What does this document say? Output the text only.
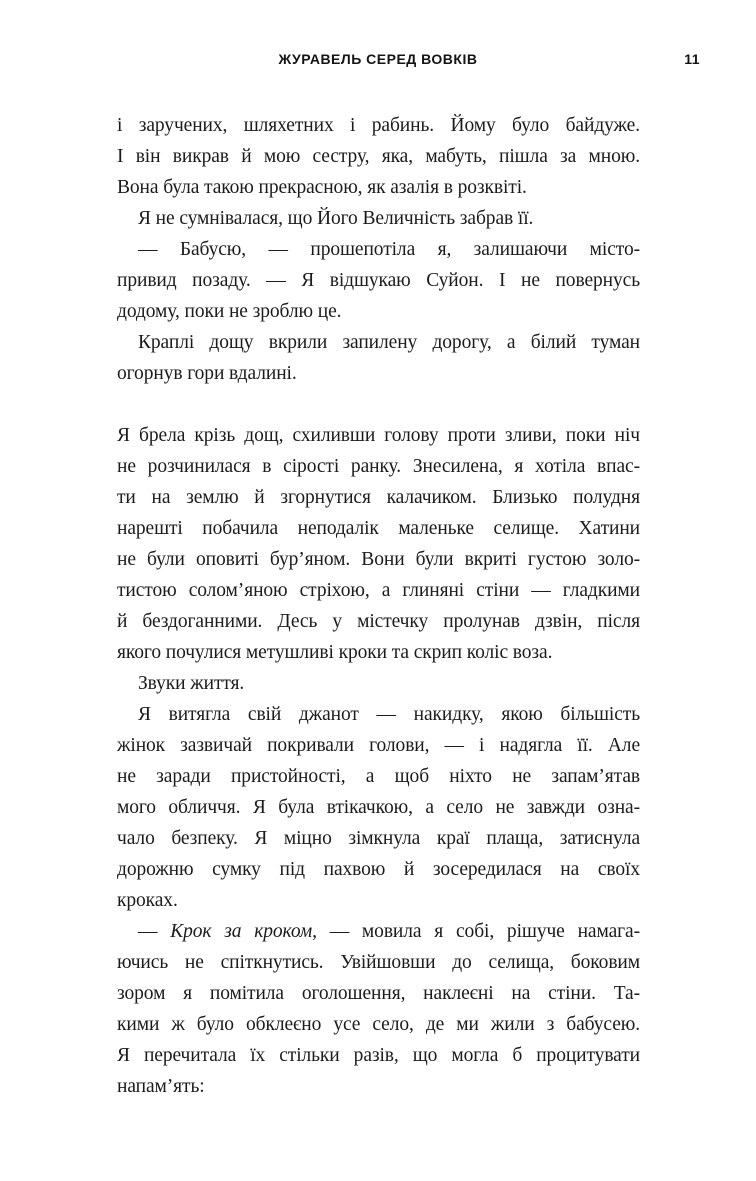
ЖУРАВЕЛЬ СЕРЕД ВОВКІВ	11
і заручених, шляхетних і рабинь. Йому було байдуже.
І він викрав й мою сестру, яка, мабуть, пішла за мною.
Вона була такою прекрасною, як азалія в розквіті.
Я не сумнівалася, що Його Величність забрав її.
— Бабусю, — прошепотіла я, залишаючи місто-
привид позаду. — Я відшукаю Суйон. І не повернусь
додому, поки не зроблю це.
Краплі дощу вкрили запилену дорогу, а білий туман
огорнув гори вдалині.
Я брела крізь дощ, схиливши голову проти зливи, поки ніч
не розчинилася в сірості ранку. Знесилена, я хотіла впас-
ти на землю й згорнутися калачиком. Близько полудня
нарешті побачила неподалік маленьке селище. Хатини
не були оповиті бур’яном. Вони були вкриті густою золо-
тистою солом’яною стріхою, а глиняні стіни — гладкими
й бездоганними. Десь у містечку пролунав дзвін, після
якого почулися метушливі кроки та скрип коліс воза.
Звуки життя.
Я витягла свій джанот — накидку, якою більшість
жінок зазвичай покривали голови, — і надягла її. Але
не заради пристойності, а щоб ніхто не запам’ятав
мого обличчя. Я була втікачкою, а село не завжди озна-
чало безпеку. Я міцно зімкнула краї плаща, затиснула
дорожню сумку під пахвою й зосередилася на своїх
кроках.
— Крок за кроком, — мовила я собі, рішуче намага-
ючись не спіткнутись. Увійшовши до селища, боковим
зором я помітила оголошення, наклеєні на стіни. Та-
кими ж було обклеєно усе село, де ми жили з бабусею.
Я перечитала їх стільки разів, що могла б процитувати
напам’ять:
